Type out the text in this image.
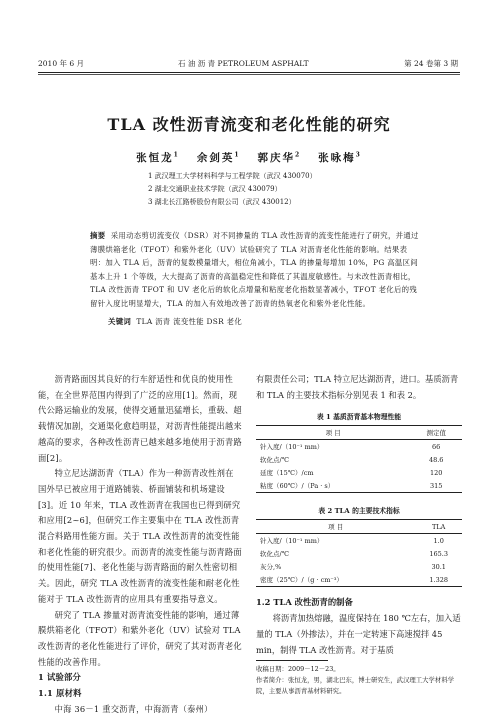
2010 年 6 月	石 油 沥 青 PETROLEUM ASPHALT	第 24 卷第 3 期
TLA 改性沥青流变和老化性能的研究
张恒龙$^1$ 余剑英$^1$ 郭庆华$^2$ 张咏梅$^3$
1 武汉理工大学材料科学与工程学院（武汉 430070）
2 湖北交通职业技术学院（武汉 430079）
3 湖北长江路桥股份有限公司（武汉 430012）
摘要 采用动态剪切流变仪（DSR）对不同掺量的 TLA 改性沥青的流变性能进行了研究，并通过薄膜烘箱老化（TFOT）和紫外老化（UV）试验研究了 TLA 对沥青老化性能的影响。结果表明：加入 TLA 后，沥青的复数模量增大，相位角减小，TLA 的掺量每增加 10%，PG 高温区间基本上升 1 个等级，大大提高了沥青的高温稳定性和降低了其温度敏感性。与未改性沥青相比，TLA 改性沥青 TFOT 和 UV 老化后的软化点增量和粘度老化指数显著减小，TFOT 老化后的残留针入度比明显增大，TLA 的加入有效地改善了沥青的热氧老化和紫外老化性能。
关键词 TLA 沥青 流变性能 DSR 老化

沥青路面因其良好的行车舒适性和优良的使用性能，在全世界范围内得到了广泛的应用[1]。然而，现代公路运输业的发展，使得交通量迅猛增长，重载、超载情况加剧，交通渠化愈趋明显，对沥青性能提出越来越高的要求，各种改性沥青已越来越多地使用于沥青路面[2]。

特立尼达湖沥青（TLA）作为一种沥青改性剂在国外早已被应用于道路铺装、桥面铺装和机场建设[3]。近 10 年来，TLA 改性沥青在我国也已得到研究和应用[2~6]，但研究工作主要集中在 TLA 改性沥青混合料路用性能方面。关于 TLA 改性沥青的流变性能和老化性能的研究很少。而沥青的流变性能与沥青路面的使用性能[7]、老化性能与沥青路面的耐久性密切相关。因此，研究 TLA 改性沥青的流变性能和耐老化性能对于 TLA 改性沥青的应用具有重要指导意义。

研究了 TLA 掺量对沥青流变性能的影响，通过薄膜烘箱老化（TFOT）和紫外老化（UV）试验对 TLA 改性沥青的老化性能进行了评价，研究了其对沥青老化性能的改善作用。

1 试验部分

1.1 原材料

中海 36－1 重交沥青，中海沥青（泰州）

有限责任公司；TLA 特立尼达湖沥青，进口。基质沥青和 TLA 的主要技术指标分别见表 1 和表 2。
表 1 基质沥青基本物理性能
项 目	测定值
针入度/（10⁻¹ mm）	66
软化点/℃	48.6
延度（15℃）/cm	120
粘度（60℃）/（Pa · s）	315
表 2 TLA 的主要技术指标
项 目	TLA
针入度/（10⁻¹ mm）	1.0
软化点/℃	165.3
灰分,%	30.1
密度（25℃）/（g · cm⁻³）	1.328
1.2 TLA 改性沥青的制备
将沥青加热熔融，温度保持在 180 ℃左右，加入适量的 TLA（外掺法），并在一定转速下高速搅拌 45 min，制得 TLA 改性沥青。对于基质
收稿日期：2009－12－23。
作者简介：张恒龙，男，湖北巴东，博士研究生，武汉理工大学材料学院，主要从事沥青基材料研究。
